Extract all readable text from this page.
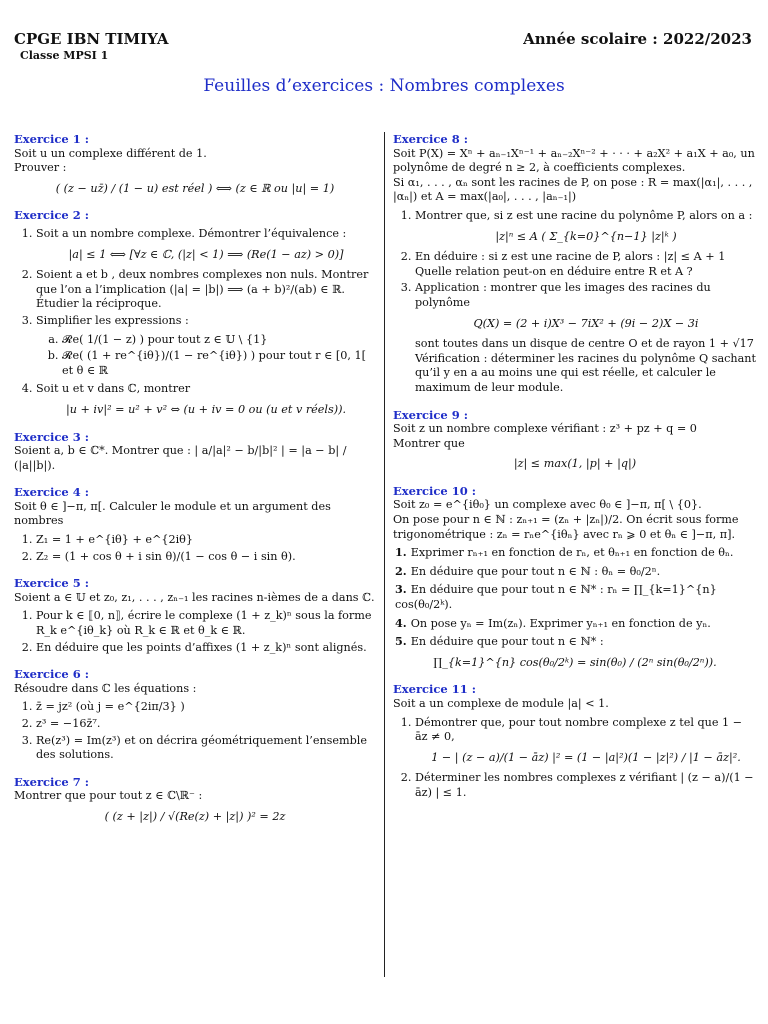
CPGE IBN TIMIYA
Classe MPSI 1
Année scolaire : 2022/2023
Feuilles d’exercices : Nombres complexes
Exercice 1 :

Soit u un complexe différent de 1.

Prouver :

( (z − uz̄) / (1 − u) est réel ) ⟺ (z ∈ ℝ ou |u| = 1)
Exercice 2 :
1. Soit a un nombre complexe. Démontrer l’équivalence :
|a| ≤ 1 ⟺ [∀z ∈ ℂ, (|z| < 1) ⟹ (Re(1 − az) > 0)]
2. Soient a et b , deux nombres complexes non nuls. Montrer que l’on a l’implication (|a| = |b|) ⟹ (a + b)²/(ab) ∈ ℝ.
Étudier la réciproque.
3. Simplifier les expressions :
a. 𝓡e( 1/(1 − z) ) pour tout z ∈ 𝕌 \ {1}
b. 𝓡e( (1 + re^{iθ})/(1 − re^{iθ}) ) pour tout r ∈ [0, 1[ et θ ∈ ℝ
4. Soit u et v dans ℂ, montrer
|u + iv|² = u² + v² ⇔ (u + iv = 0 ou (u et v réels)).
Exercice 3 :

Soient a, b ∈ ℂ*. Montrer que : | a/|a|² − b/|b|² | = |a − b| / (|a||b|).

Exercice 4 :

Soit θ ∈ ]−π, π[. Calculer le module et un argument des nombres

1. Z₁ = 1 + e^{iθ} + e^{2iθ}
2. Z₂ = (1 + cos θ + i sin θ)/(1 − cos θ − i sin θ).
Exercice 5 :

Soient a ∈ 𝕌 et z₀, z₁, . . . , zₙ₋₁ les racines n-ièmes de a dans ℂ.

1. Pour k ∈ ⟦0, n⟧, écrire le complexe (1 + z_k)ⁿ sous la forme R_k e^{iθ_k} où R_k ∈ ℝ et θ_k ∈ ℝ.
2. En déduire que les points d’affixes (1 + z_k)ⁿ sont alignés.
Exercice 6 :

Résoudre dans ℂ les équations :

1. z̄ = jz² (où j = e^{2iπ/3} )
2. z³ = −16z̄⁷.
3. Re(z³) = Im(z³) et on décrira géométriquement l’ensemble des solutions.
Exercice 7 :

Montrer que pour tout z ∈ ℂ\ℝ⁻ :

( (z + |z|) / √(Re(z) + |z|) )² = 2z
Exercice 8 :

Soit P(X) = Xⁿ + aₙ₋₁Xⁿ⁻¹ + aₙ₋₂Xⁿ⁻² + · · · + a₂X² + a₁X + a₀, un polynôme de degré n ≥ 2, à coefficients complexes.

Si α₁, . . . , αₙ sont les racines de P, on pose : R = max(|α₁|, . . . , |αₙ|) et A = max(|a₀|, . . . , |aₙ₋₁|)

1. Montrer que, si z est une racine du polynôme P, alors on a :
|z|ⁿ ≤ A ( Σ_{k=0}^{n−1} |z|ᵏ )
2. En déduire : si z est une racine de P, alors : |z| ≤ A + 1
Quelle relation peut-on en déduire entre R et A ?
3. Application : montrer que les images des racines du polynôme
Q(X) = (2 + i)X³ − 7iX² + (9i − 2)X − 3i
sont toutes dans un disque de centre O et de rayon 1 + √17
Vérification : déterminer les racines du polynôme Q sachant qu’il y en a au moins une qui est réelle, et calculer le maximum de leur module.
Exercice 9 :

Soit z un nombre complexe vérifiant : z³ + pz + q = 0

Montrer que

|z| ≤ max(1, |p| + |q|)
Exercice 10 :

Soit z₀ = e^{iθ₀} un complexe avec θ₀ ∈ ]−π, π[ \ {0}.

On pose pour n ∈ ℕ : zₙ₊₁ = (zₙ + |zₙ|)/2. On écrit sous forme trigonométrique : zₙ = rₙe^{iθₙ} avec rₙ ⩾ 0 et θₙ ∈ ]−π, π].

1. Exprimer rₙ₊₁ en fonction de rₙ, et θₙ₊₁ en fonction de θₙ.
2. En déduire que pour tout n ∈ ℕ : θₙ = θ₀/2ⁿ.
3. En déduire que pour tout n ∈ ℕ* : rₙ = ∏_{k=1}^{n} cos(θ₀/2ᵏ).
4. On pose yₙ = Im(zₙ). Exprimer yₙ₊₁ en fonction de yₙ.
5. En déduire que pour tout n ∈ ℕ* :
∏_{k=1}^{n} cos(θ₀/2ᵏ) = sin(θ₀) / (2ⁿ sin(θ₀/2ⁿ)).
Exercice 11 :

Soit a un complexe de module |a| < 1.

1. Démontrer que, pour tout nombre complexe z tel que 1 − āz ≠ 0,
1 − | (z − a)/(1 − āz) |² = (1 − |a|²)(1 − |z|²) / |1 − āz|².
2. Déterminer les nombres complexes z vérifiant | (z − a)/(1 − āz) | ≤ 1.
